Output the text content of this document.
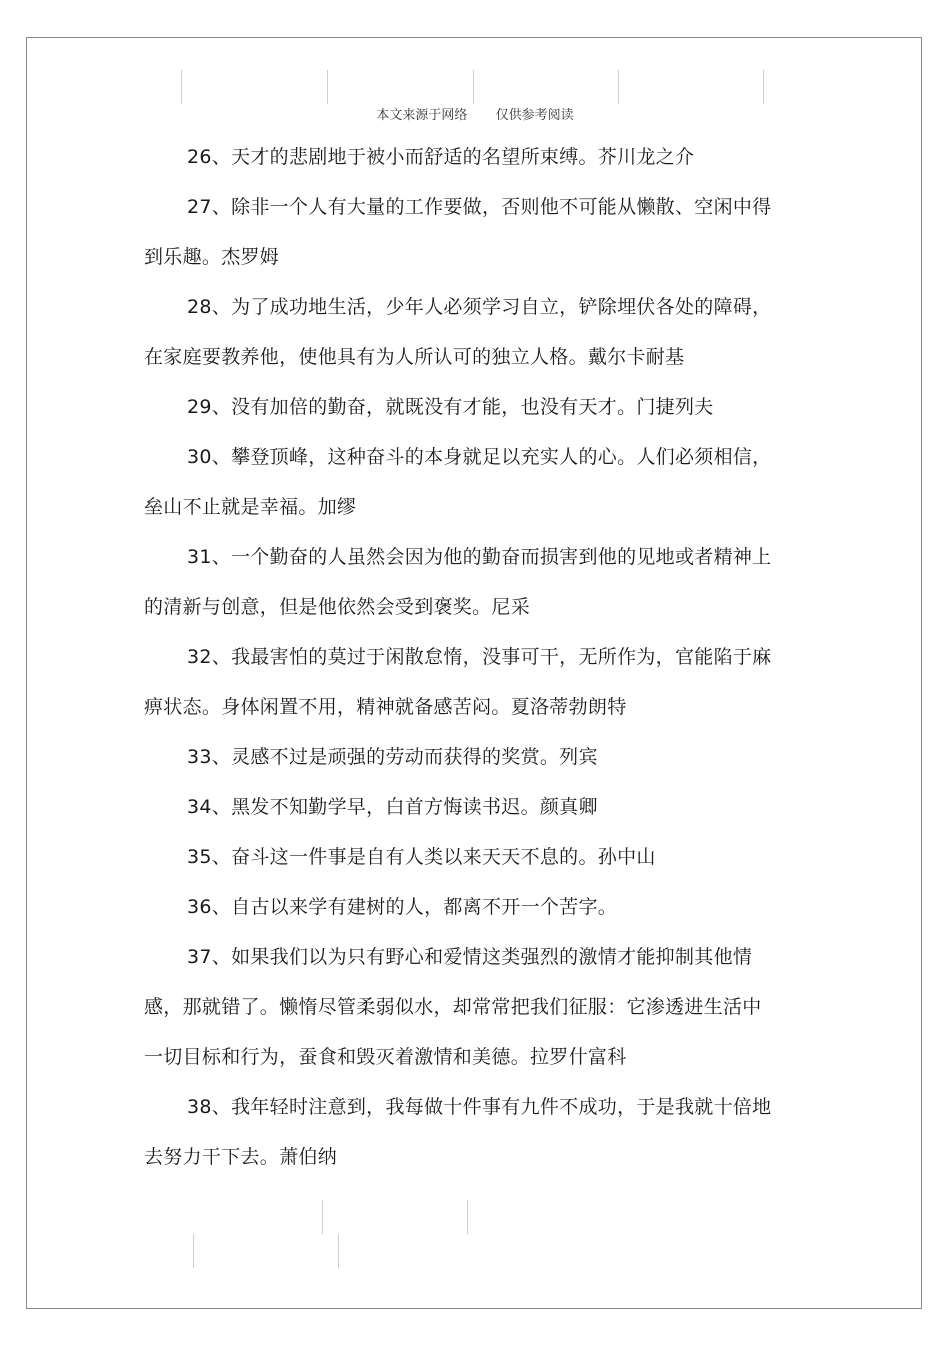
本文来源于网络 仅供参考阅读

26、天才的悲剧地于被小而舒适的名望所束缚。芥川龙之介

27、除非一个人有大量的工作要做，否则他不可能从懒散、空闲中得到乐趣。杰罗姆

28、为了成功地生活，少年人必须学习自立，铲除埋伏各处的障碍，在家庭要教养他，使他具有为人所认可的独立人格。戴尔卡耐基

29、没有加倍的勤奋，就既没有才能，也没有天才。门捷列夫

30、攀登顶峰，这种奋斗的本身就足以充实人的心。人们必须相信，垒山不止就是幸福。加缪

31、一个勤奋的人虽然会因为他的勤奋而损害到他的见地或者精神上的清新与创意，但是他依然会受到褒奖。尼采

32、我最害怕的莫过于闲散怠惰，没事可干，无所作为，官能陷于麻痹状态。身体闲置不用，精神就备感苦闷。夏洛蒂勃朗特

33、灵感不过是顽强的劳动而获得的奖赏。列宾

34、黑发不知勤学早，白首方悔读书迟。颜真卿

35、奋斗这一件事是自有人类以来天天不息的。孙中山

36、自古以来学有建树的人，都离不开一个苦字。

37、如果我们以为只有野心和爱情这类强烈的激情才能抑制其他情感，那就错了。懒惰尽管柔弱似水，却常常把我们征服：它渗透进生活中一切目标和行为，蚕食和毁灭着激情和美德。拉罗什富科

38、我年轻时注意到，我每做十件事有九件不成功，于是我就十倍地去努力干下去。萧伯纳
